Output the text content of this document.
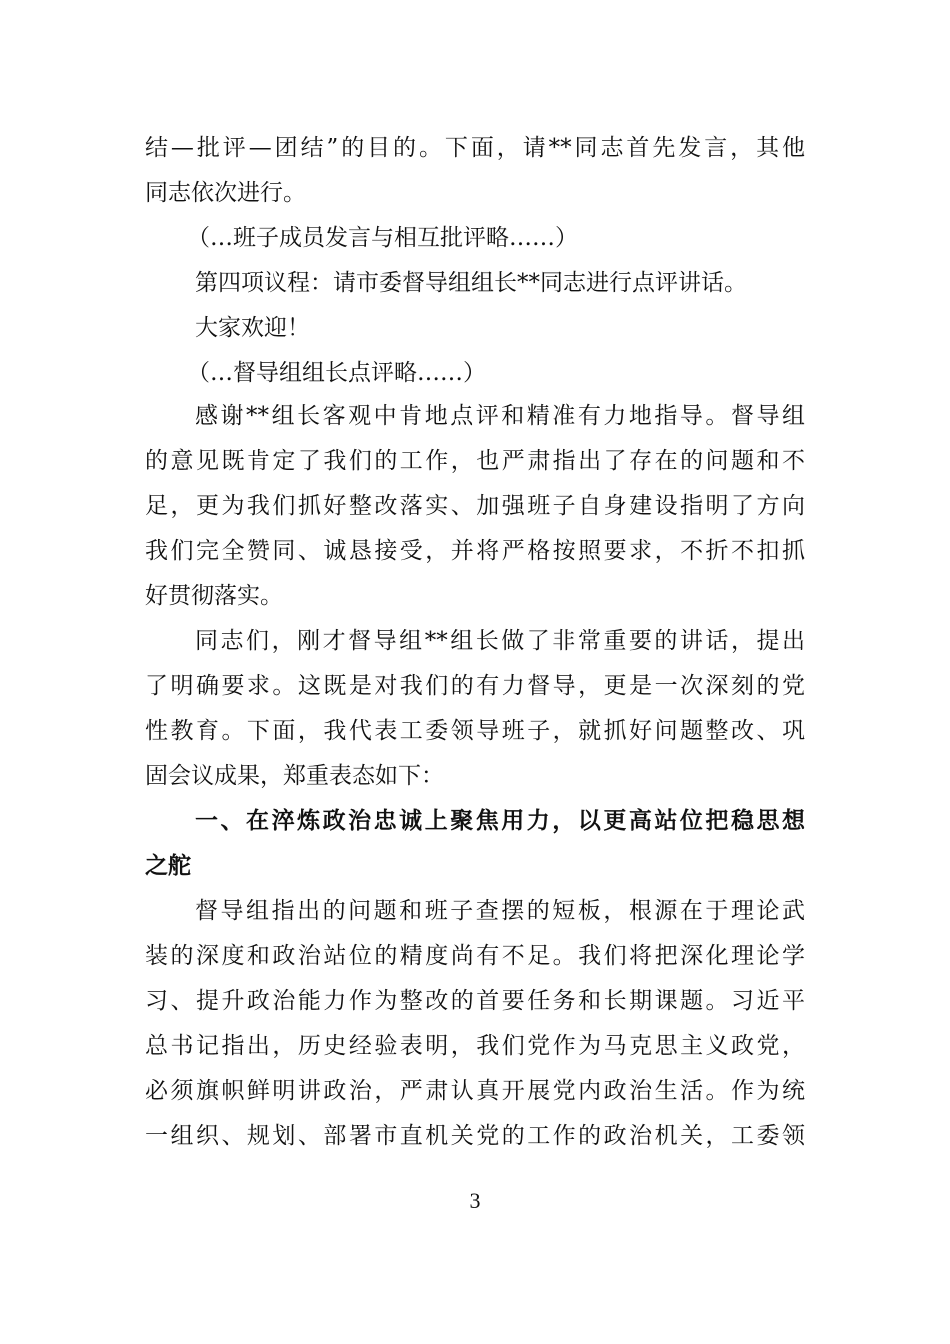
结—批评—团结”的目的。下面，请**同志首先发言，其他
同志依次进行。
（…班子成员发言与相互批评略……）
第四项议程：请市委督导组组长**同志进行点评讲话。
大家欢迎！
（…督导组组长点评略……）
感谢**组长客观中肯地点评和精准有力地指导。督导组
的意见既肯定了我们的工作，也严肃指出了存在的问题和不
足，更为我们抓好整改落实、加强班子自身建设指明了方向
我们完全赞同、诚恳接受，并将严格按照要求，不折不扣抓
好贯彻落实。
同志们，刚才督导组**组长做了非常重要的讲话，提出
了明确要求。这既是对我们的有力督导，更是一次深刻的党
性教育。下面，我代表工委领导班子，就抓好问题整改、巩
固会议成果，郑重表态如下：
一、在淬炼政治忠诚上聚焦用力，以更高站位把稳思想
之舵
督导组指出的问题和班子查摆的短板，根源在于理论武
装的深度和政治站位的精度尚有不足。我们将把深化理论学
习、提升政治能力作为整改的首要任务和长期课题。习近平
总书记指出，历史经验表明，我们党作为马克思主义政党，
必须旗帜鲜明讲政治，严肃认真开展党内政治生活。作为统
一组织、规划、部署市直机关党的工作的政治机关，工委领
3
